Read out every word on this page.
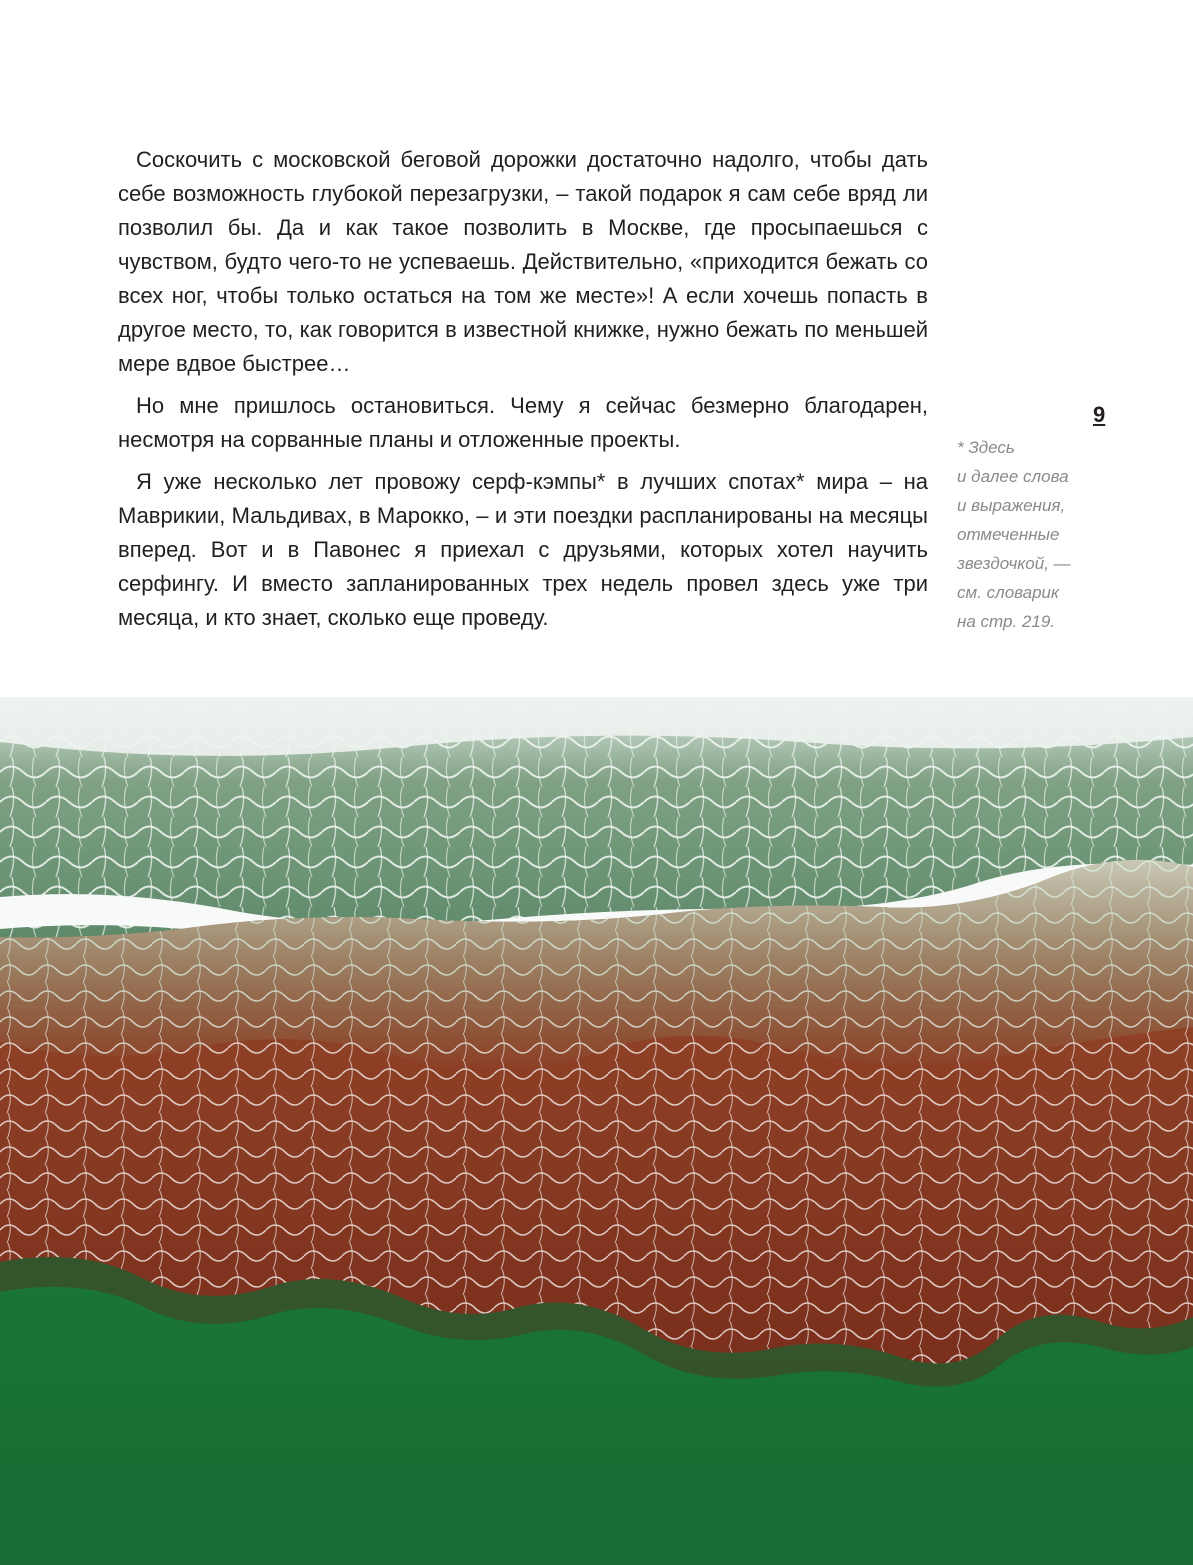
Соскочить с московской беговой дорожки достаточно надолго, чтобы дать себе возможность глубокой перезагрузки, – такой подарок я сам себе вряд ли позволил бы. Да и как такое позволить в Москве, где просыпаешься с чувством, будто чего-то не успеваешь. Действительно, «приходится бежать со всех ног, чтобы только остаться на том же месте»! А если хочешь попасть в другое место, то, как говорится в известной книжке, нужно бежать по меньшей мере вдвое быстрее…

Но мне пришлось остановиться. Чему я сейчас безмерно благодарен, несмотря на сорванные планы и отложенные проекты.

Я уже несколько лет провожу серф-кэмпы* в лучших спотах* мира – на Маврикии, Мальдивах, в Марокко, – и эти поездки распланированы на месяцы вперед. Вот и в Павонес я приехал с друзьями, которых хотел научить серфингу. И вместо запланированных трех недель провел здесь уже три месяца, и кто знает, сколько еще проведу.

9
* Здесь
и далее слова
и выражения,
отмеченные
звездочкой, —
см. словарик
на стр. 219.
